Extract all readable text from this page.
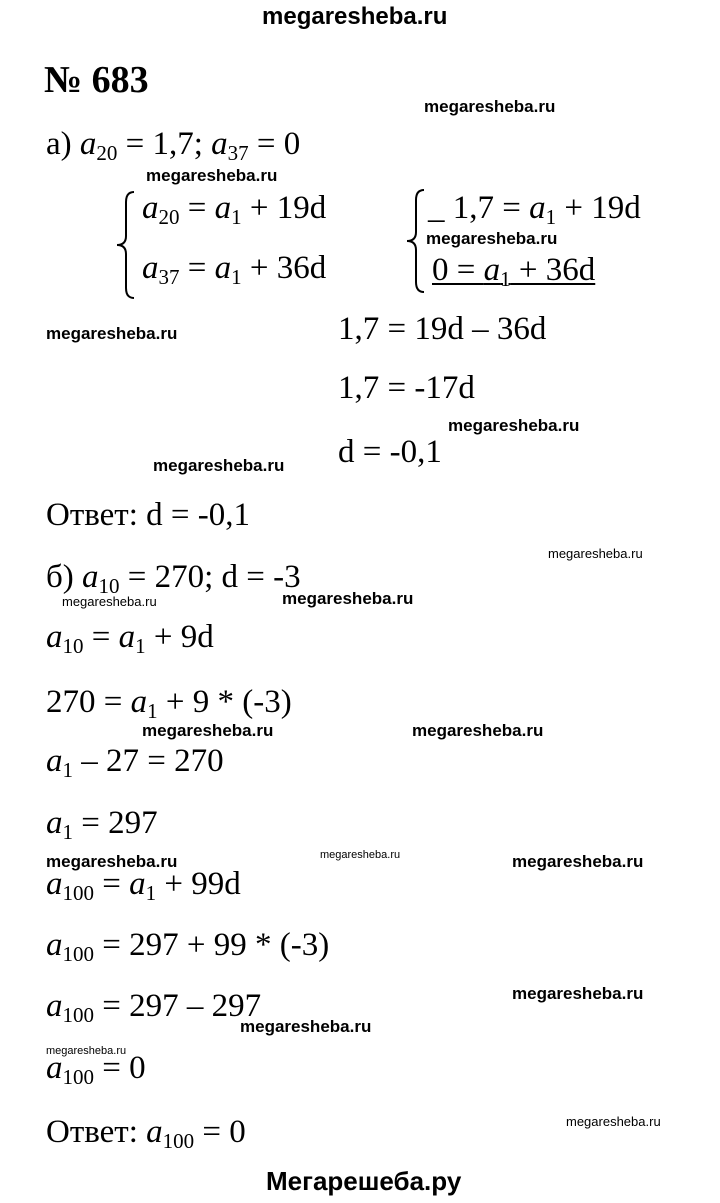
megaresheba.ru
megaresheba.ru
megaresheba.ru
megaresheba.ru
megaresheba.ru
megaresheba.ru
megaresheba.ru
megaresheba.ru
megaresheba.ru	megaresheba.ru
megaresheba.ru	megaresheba.ru
megaresheba.ru	megaresheba.ru	megaresheba.ru
megaresheba.ru
megaresheba.ru
megaresheba.ru
megaresheba.ru
№ 683
а) $a_{20} = 1,7$; $a_{37} = 0$
$a_{20} = a_1 + 19d$
$a_{37} = a_1 + 36d$
_ $1,7 = a_1 + 19d$
$0 = a_1 + 36d$
1,7 = 19d – 36d
1,7 = -17d
d = -0,1
Ответ: d = -0,1
б) $a_{10} = 270$; d = -3
$a_{10} = a_1 + 9d$
$270 = a_1 + 9 * (-3)$
$a_1 - 27 = 270$
$a_1 = 297$
$a_{100} = a_1 + 99d$
$a_{100} = 297 + 99 * (-3)$
$a_{100} = 297 - 297$
$a_{100} = 0$
Ответ: $a_{100} = 0$
Мегарешеба.ру
